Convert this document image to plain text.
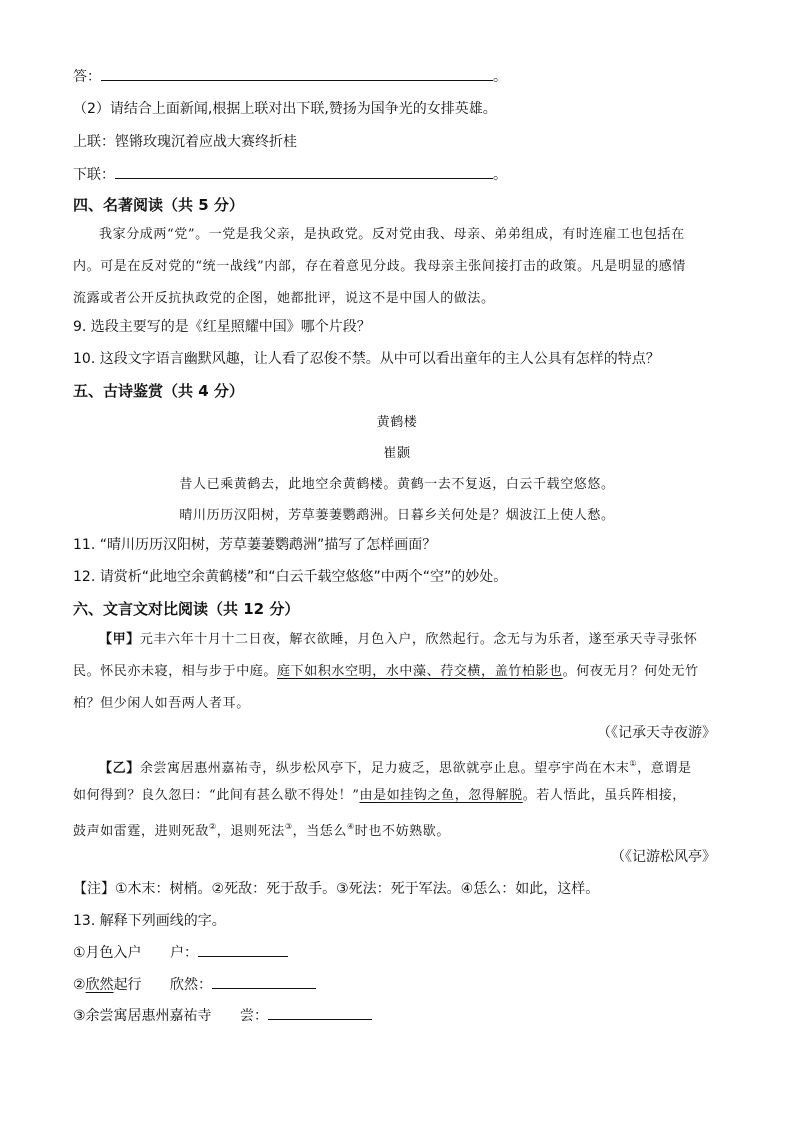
答：	。
（2）请结合上面新闻,根据上联对出下联,赞扬为国争光的女排英雄。
上联：铿锵玫瑰沉着应战大赛终折桂
下联：	。
四、名著阅读（共 5 分）
我家分成两“党”。一党是我父亲，是执政党。反对党由我、母亲、弟弟组成，有时连雇工也包括在
内。可是在反对党的“统一战线”内部，存在着意见分歧。我母亲主张间接打击的政策。凡是明显的感情
流露或者公开反抗执政党的企图，她都批评，说这不是中国人的做法。
9. 选段主要写的是《红星照耀中国》哪个片段？
10. 这段文字语言幽默风趣，让人看了忍俊不禁。从中可以看出童年的主人公具有怎样的特点？
五、古诗鉴赏（共 4 分）
黄鹤楼
崔颢
昔人已乘黄鹤去，此地空余黄鹤楼。黄鹤一去不复返，白云千载空悠悠。
晴川历历汉阳树，芳草萋萋鹦鹉洲。日暮乡关何处是？烟波江上使人愁。
11. “晴川历历汉阳树，芳草萋萋鹦鹉洲”描写了怎样画面？
12. 请赏析“此地空余黄鹤楼”和“白云千载空悠悠”中两个“空”的妙处。
六、文言文对比阅读（共 12 分）
【甲】元丰六年十月十二日夜，解衣欲睡，月色入户，欣然起行。念无与为乐者，遂至承天寺寻张怀
民。怀民亦未寝，相与步于中庭。庭下如积水空明，水中藻、荇交横，盖竹柏影也。何夜无月？何处无竹
柏？但少闲人如吾两人者耳。
（《记承天寺夜游》
【乙】余尝寓居惠州嘉祐寺，纵步松风亭下，足力疲乏，思欲就亭止息。望亭宇尚在木末①，意谓是
如何得到？良久忽曰：“此间有甚么歇不得处！”由是如挂钩之鱼，忽得解脱。若人悟此，虽兵阵相接，
鼓声如雷霆，进则死敌②，退则死法③，当恁么④时也不妨熟歇。
（《记游松风亭》
【注】①木末：树梢。②死敌：死于敌手。③死法：死于军法。④恁么：如此，这样。
13. 解释下列画线的字。
①月色入户 户：
②欣然起行 欣然：
③余尝寓居惠州嘉祐寺 尝：
